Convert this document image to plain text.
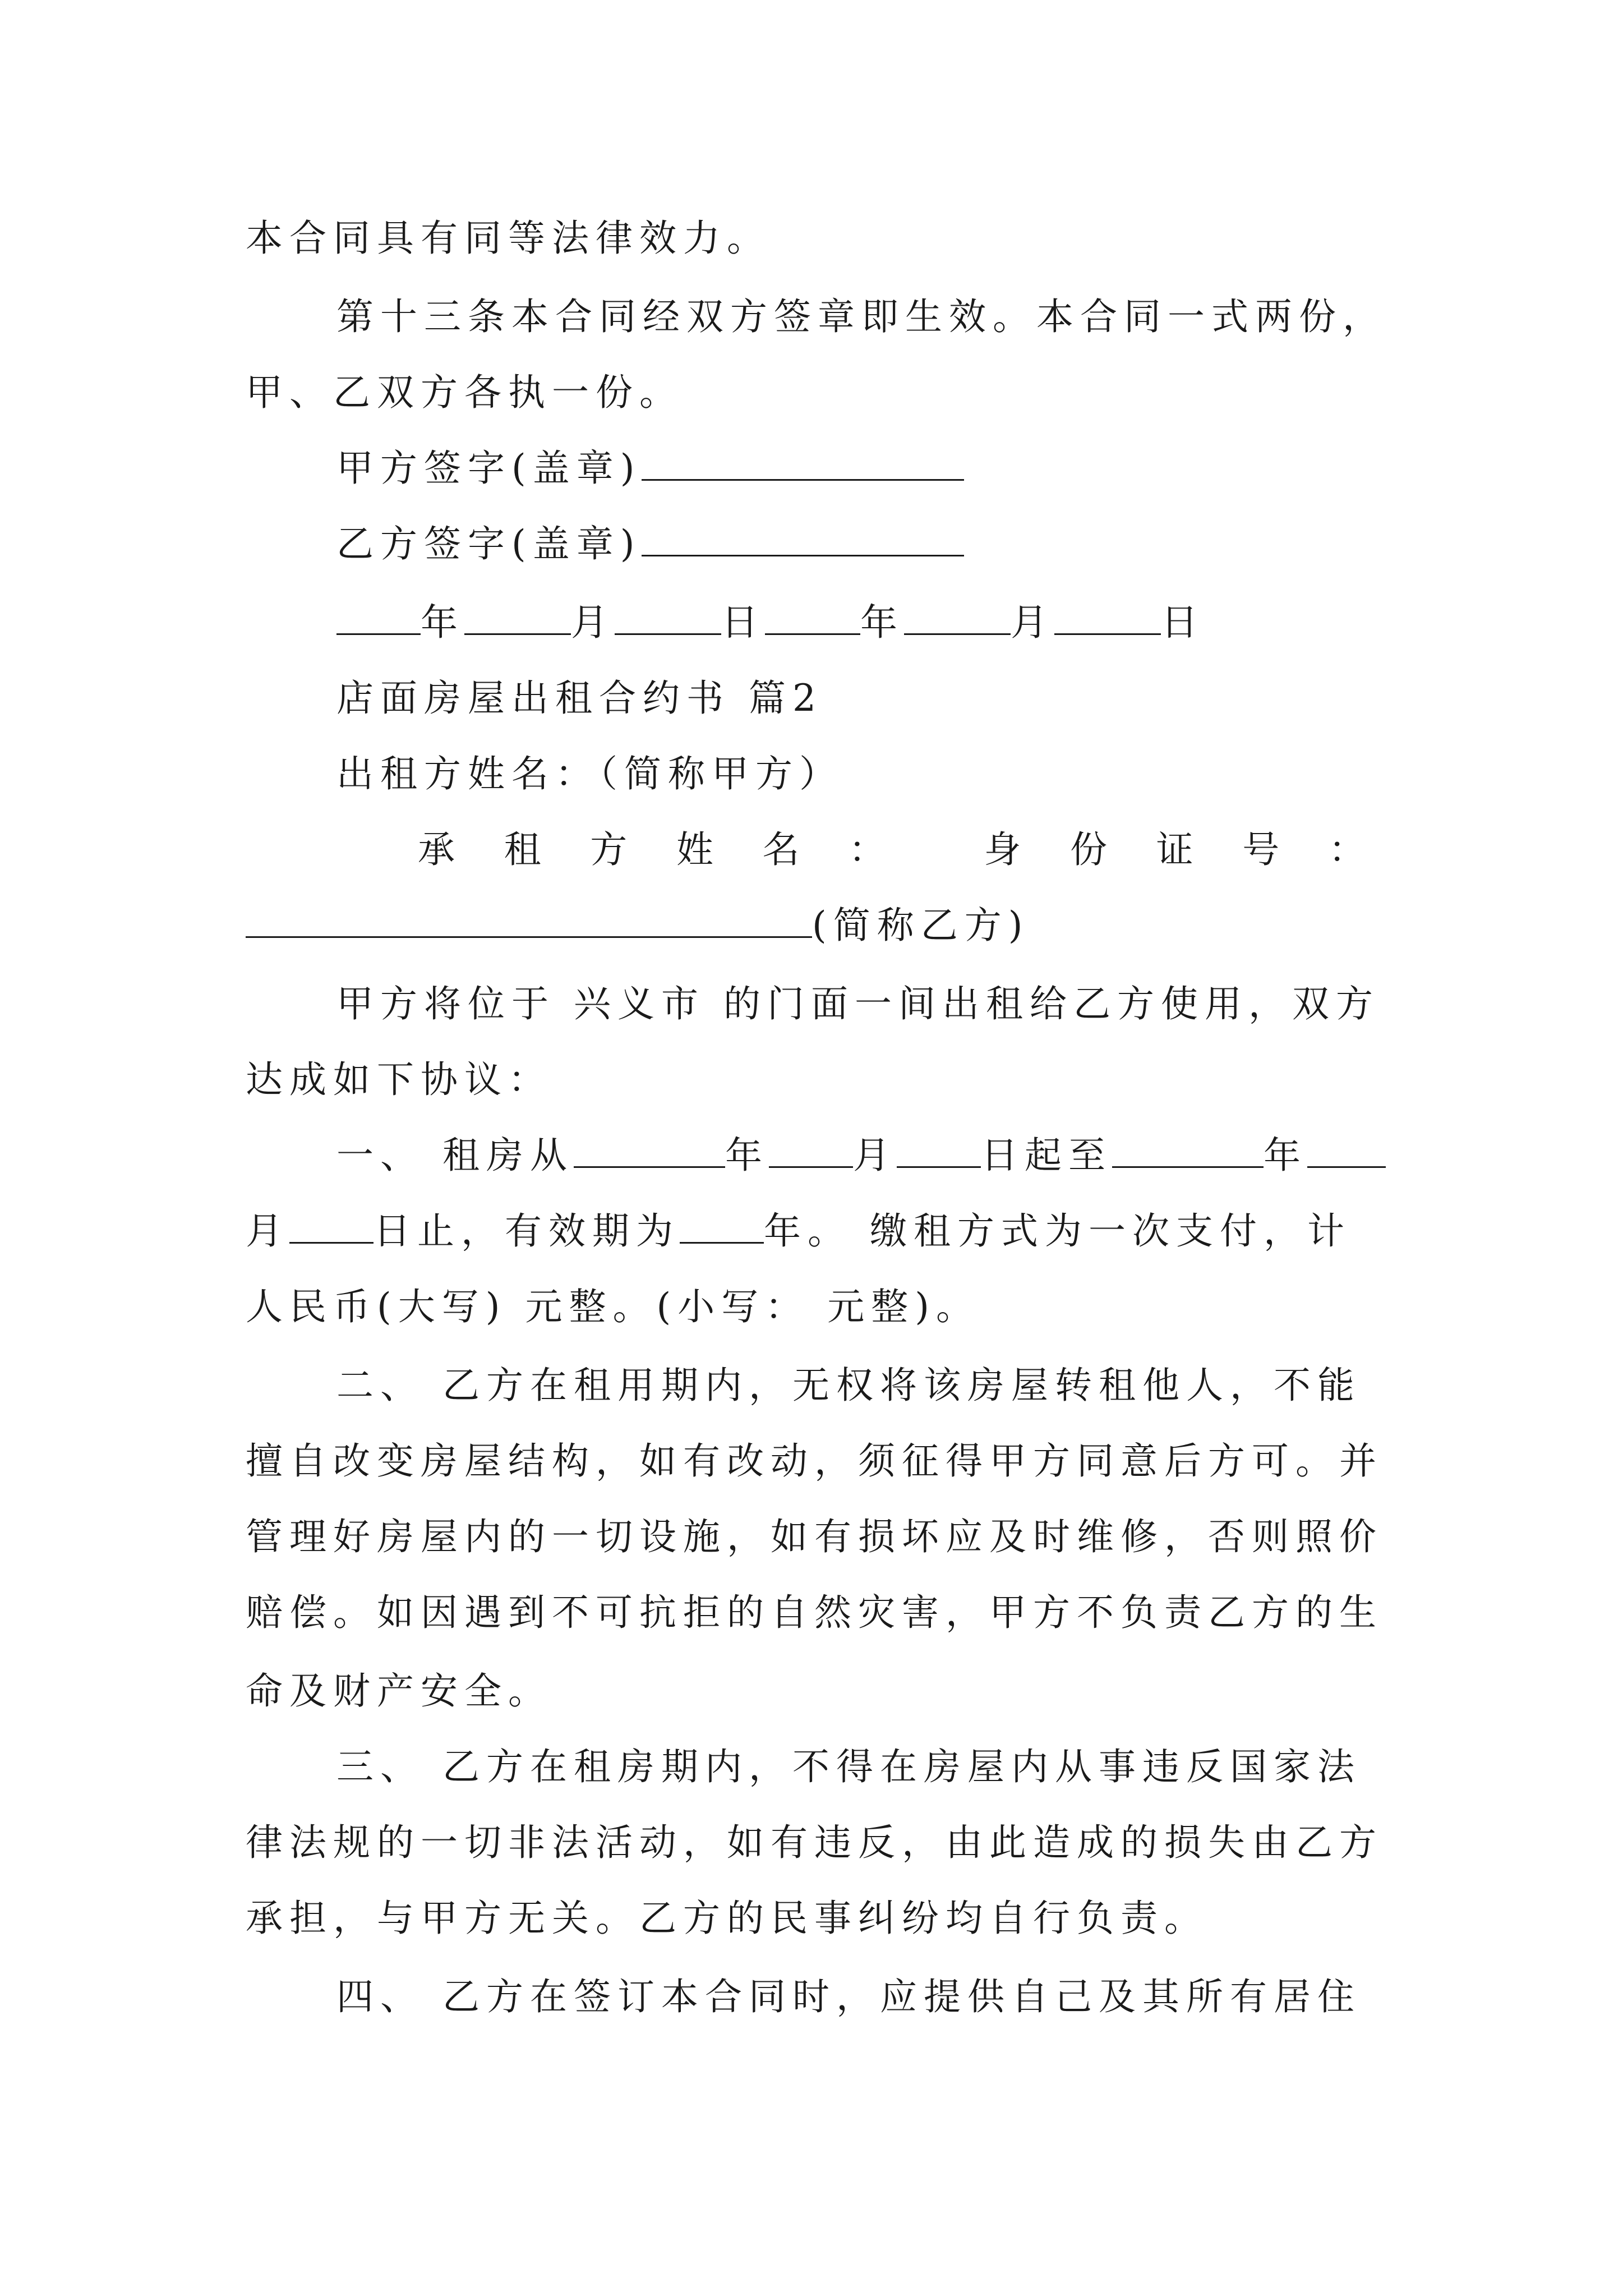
本合同具有同等法律效力。
第十三条本合同经双方签章即生效。本合同一式两份，
甲、乙双方各执一份。
甲方签字(盖章)
乙方签字(盖章)
年	月	日	年	月	日
店面房屋出租合约书 篇2
出租方姓名：（简称甲方）
承 租 方 姓 名 ：	身 份 证 号 ：
(简称乙方)
甲方将位于 兴义市 的门面一间出租给乙方使用，双方
达成如下协议：
一、 租房从	年 月 日起至	年
月 日止，有效期为 年。 缴租方式为一次支付，计
人民币(大写) 元整。(小写： 元整)。
二、 乙方在租用期内，无权将该房屋转租他人，不能
擅自改变房屋结构，如有改动，须征得甲方同意后方可。并
管理好房屋内的一切设施，如有损坏应及时维修，否则照价
赔偿。如因遇到不可抗拒的自然灾害，甲方不负责乙方的生
命及财产安全。
三、 乙方在租房期内，不得在房屋内从事违反国家法
律法规的一切非法活动，如有违反，由此造成的损失由乙方
承担，与甲方无关。乙方的民事纠纷均自行负责。
四、 乙方在签订本合同时，应提供自己及其所有居住
